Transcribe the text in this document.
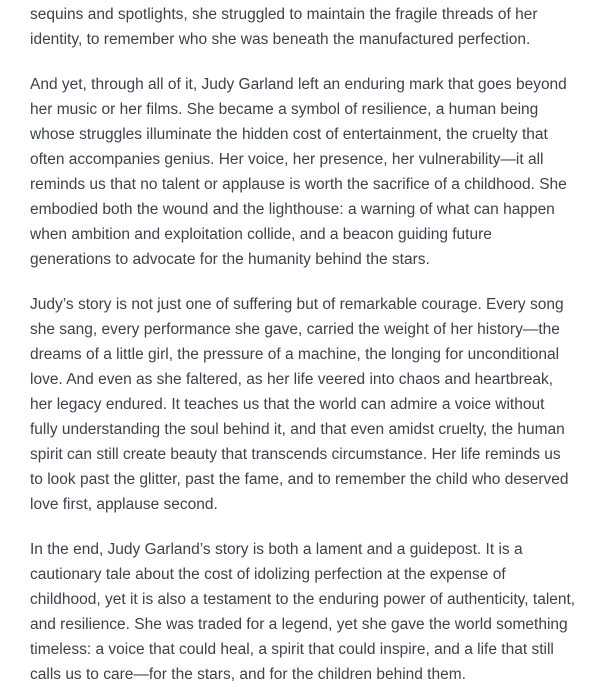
sequins and spotlights, she struggled to maintain the fragile threads of her identity, to remember who she was beneath the manufactured perfection.

And yet, through all of it, Judy Garland left an enduring mark that goes beyond her music or her films. She became a symbol of resilience, a human being whose struggles illuminate the hidden cost of entertainment, the cruelty that often accompanies genius. Her voice, her presence, her vulnerability—it all reminds us that no talent or applause is worth the sacrifice of a childhood. She embodied both the wound and the lighthouse: a warning of what can happen when ambition and exploitation collide, and a beacon guiding future generations to advocate for the humanity behind the stars.

Judy’s story is not just one of suffering but of remarkable courage. Every song she sang, every performance she gave, carried the weight of her history—the dreams of a little girl, the pressure of a machine, the longing for unconditional love. And even as she faltered, as her life veered into chaos and heartbreak, her legacy endured. It teaches us that the world can admire a voice without fully understanding the soul behind it, and that even amidst cruelty, the human spirit can still create beauty that transcends circumstance. Her life reminds us to look past the glitter, past the fame, and to remember the child who deserved love first, applause second.

In the end, Judy Garland’s story is both a lament and a guidepost. It is a cautionary tale about the cost of idolizing perfection at the expense of childhood, yet it is also a testament to the enduring power of authenticity, talent, and resilience. She was traded for a legend, yet she gave the world something timeless: a voice that could heal, a spirit that could inspire, and a life that still calls us to care—for the stars, and for the children behind them.
